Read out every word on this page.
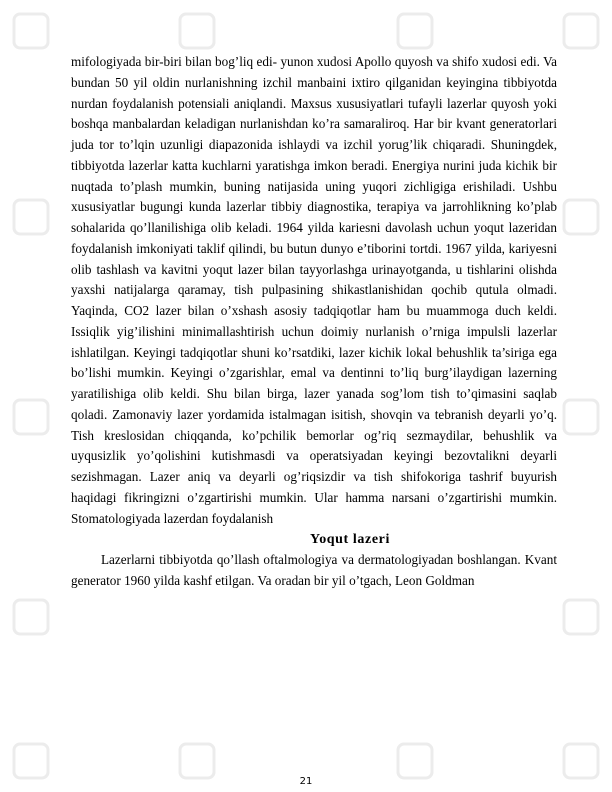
mifologiyada bir-biri bilan bog’liq edi- yunon xudosi Apollo quyosh va shifo xudosi edi. Va bundan 50 yil oldin nurlanishning izchil manbaini ixtiro qilganidan keyingina tibbiyotda nurdan foydalanish potensiali aniqlandi. Maxsus xususiyatlari tufayli lazerlar quyosh yoki boshqa manbalardan keladigan nurlanishdan ko’ra samaraliroq. Har bir kvant generatorlari juda tor to’lqin uzunligi diapazonida ishlaydi va izchil yorug’lik chiqaradi. Shuningdek, tibbiyotda lazerlar katta kuchlarni yaratishga imkon beradi. Energiya nurini juda kichik bir nuqtada to’plash mumkin, buning natijasida uning yuqori zichligiga erishiladi. Ushbu xususiyatlar bugungi kunda lazerlar tibbiy diagnostika, terapiya va jarrohlikning ko’plab sohalarida qo’llanilishiga olib keladi. 1964 yilda kariesni davolash uchun yoqut lazeridan foydalanish imkoniyati taklif qilindi, bu butun dunyo e’tiborini tortdi. 1967 yilda, kariyesni olib tashlash va kavitni yoqut lazer bilan tayyorlashga urinayotganda, u tishlarini olishda yaxshi natijalarga qaramay, tish pulpasining shikastlanishidan qochib qutula olmadi. Yaqinda, CO2 lazer bilan o’xshash asosiy tadqiqotlar ham bu muammoga duch keldi. Issiqlik yig’ilishini minimallashtirish uchun doimiy nurlanish o’rniga impulsli lazerlar ishlatilgan. Keyingi tadqiqotlar shuni ko’rsatdiki, lazer kichik lokal behushlik ta’siriga ega bo’lishi mumkin. Keyingi o’zgarishlar, emal va dentinni to’liq burg’ilaydigan lazerning yaratilishiga olib keldi. Shu bilan birga, lazer yanada sog’lom tish to’qimasini saqlab qoladi. Zamonaviy lazer yordamida istalmagan isitish, shovqin va tebranish deyarli yo’q. Tish kreslosidan chiqqanda, ko’pchilik bemorlar og’riq sezmaydilar, behushlik va uyqusizlik yo’qolishini kutishmasdi va operatsiyadan keyingi bezovtalikni deyarli sezishmagan. Lazer aniq va deyarli og’riqsizdir va tish shifokoriga tashrif buyurish haqidagi fikringizni o’zgartirishi mumkin. Ular hamma narsani o’zgartirishi mumkin. Stomatologiyada lazerdan foydalanish

Yoqut lazeri

Lazerlarni tibbiyotda qo’llash oftalmologiya va dermatologiyadan boshlangan. Kvant generator 1960 yilda kashf etilgan. Va oradan bir yil o’tgach, Leon Goldman

21
